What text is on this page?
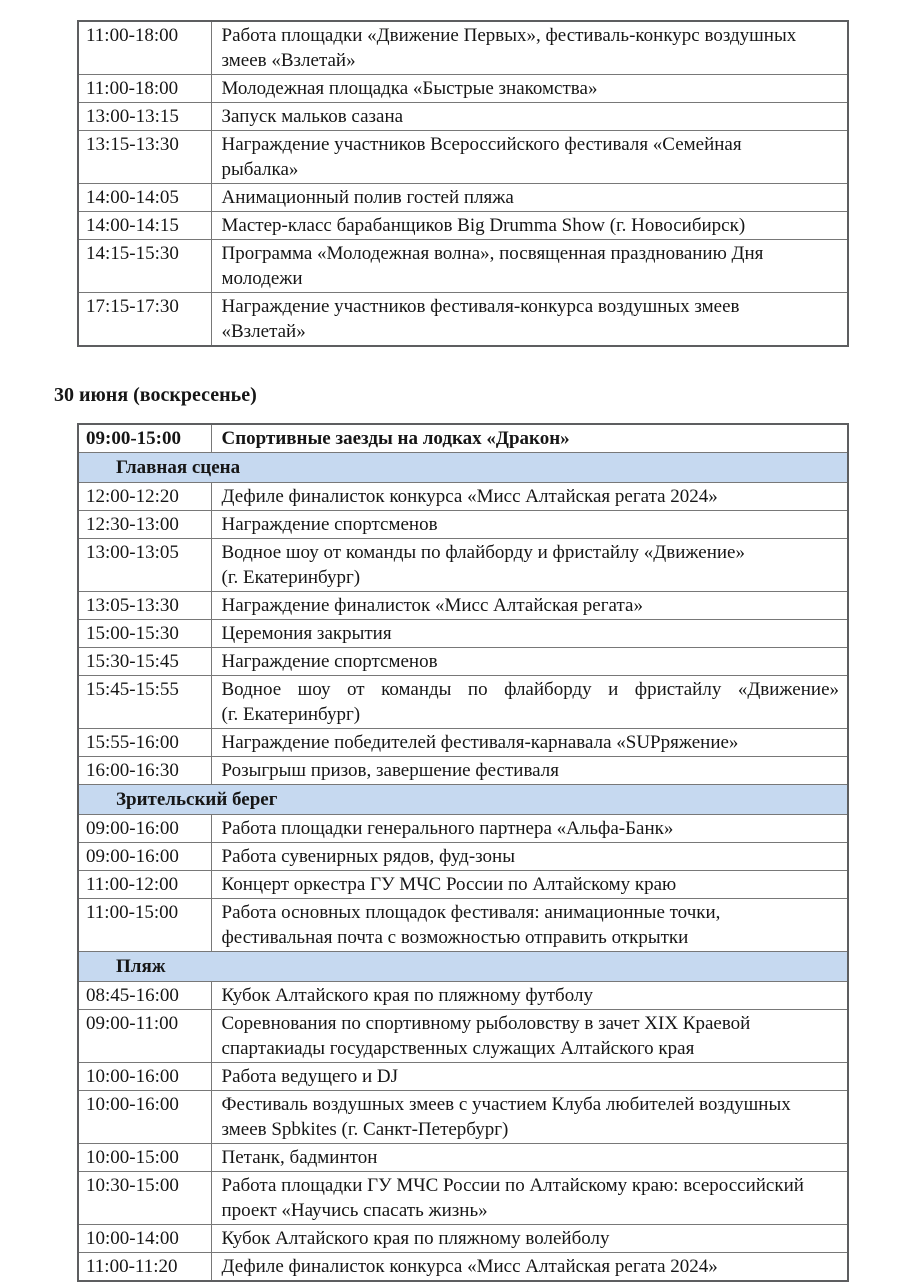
11:00-18:00	Работа площадки «Движение Первых», фестиваль-конкурс воздушных
змеев «Взлетай»

11:00-18:00	Молодежная площадка «Быстрые знакомства»

13:00-13:15	Запуск мальков сазана

13:15-13:30	Награждение участников Всероссийского фестиваля «Семейная
рыбалка»

14:00-14:05	Анимационный полив гостей пляжа

14:00-14:15	Мастер-класс барабанщиков Big Drumma Show (г. Новосибирск)

14:15-15:30	Программа «Молодежная волна», посвященная празднованию Дня
молодежи

17:15-17:30	Награждение участников фестиваля-конкурса воздушных змеев
«Взлетай»
30 июня (воскресенье)
09:00-15:00	Спортивные заезды на лодках «Дракон»

Главная сцена	
12:00-12:20	Дефиле финалисток конкурса «Мисс Алтайская регата 2024»

12:30-13:00	Награждение спортсменов

13:00-13:05	Водное шоу от команды по флайборду и фристайлу «Движение»
(г. Екатеринбург)

13:05-13:30	Награждение финалисток «Мисс Алтайская регата»

15:00-15:30	Церемония закрытия

15:30-15:45	Награждение спортсменов

15:45-15:55	Водное шоу от команды по флайборду и фристайлу «Движение»
(г. Екатеринбург)

15:55-16:00	Награждение победителей фестиваля-карнавала «SUPряжение»

16:00-16:30	Розыгрыш призов, завершение фестиваля

Зрительский берег	
09:00-16:00	Работа площадки генерального партнера «Альфа-Банк»

09:00-16:00	Работа сувенирных рядов, фуд-зоны

11:00-12:00	Концерт оркестра ГУ МЧС России по Алтайскому краю

11:00-15:00	Работа основных площадок фестиваля: анимационные точки,
фестивальная почта с возможностью отправить открытки

Пляж	
08:45-16:00	Кубок Алтайского края по пляжному футболу

09:00-11:00	Соревнования по спортивному рыболовству в зачет XIX Краевой
спартакиады государственных служащих Алтайского края

10:00-16:00	Работа ведущего и DJ

10:00-16:00	Фестиваль воздушных змеев с участием Клуба любителей воздушных
змеев Spbkites (г. Санкт-Петербург)

10:00-15:00	Петанк, бадминтон

10:30-15:00	Работа площадки ГУ МЧС России по Алтайскому краю: всероссийский
проект «Научись спасать жизнь»

10:00-14:00	Кубок Алтайского края по пляжному волейболу

11:00-11:20	Дефиле финалисток конкурса «Мисс Алтайская регата 2024»
